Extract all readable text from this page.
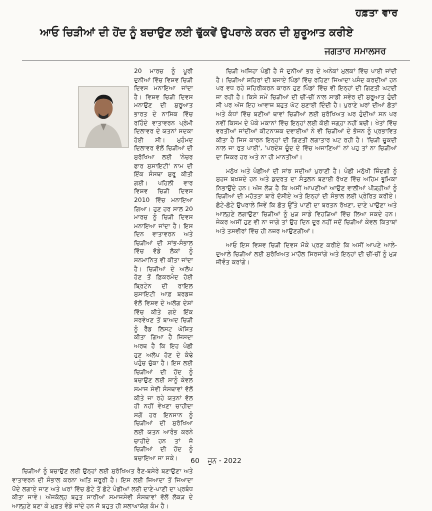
ਹਫ਼ਤਾ ਵਾਰ
ਆਓ ਚਿੜੀਆਂ ਦੀ ਹੋਂਦ ਨੂੰ ਬਚਾਉਣ ਲਈ ਢੁੱਕਵੇਂ ਉਪਰਾਲੇ ਕਰਨ ਦੀ ਸ਼ੁਰੂਆਤ ਕਰੀਏ
ਜਗਤਾਰ ਸਮਾਲਸਰ

20 ਮਾਰਚ ਨੂੰ ਪੂਰੀ ਦੁਨੀਆਂ ਵਿੱਚ ਵਿਸ਼ਵ ਚਿੜੀ ਦਿਵਸ ਮਨਾਇਆ ਜਾਂਦਾ ਹੈ। ਵਿਸ਼ਵ ਚਿੜੀ ਦਿਵਸ ਮਨਾਉਣ ਦੀ ਸ਼ੁਰੂਆਤ ਭਾਰਤ ਦੇ ਨਾਸਿਕ ਵਿੱਚ ਰਹਿੰਦੇ ਵਾਤਾਵਰਨ ਪ੍ਰੇਮੀ ਦਿਲਾਵਰ ਦੇ ਯਤਨਾਂ ਸਦਕਾ ਹੋਈ ਸੀ। ਮੁਹੰਮਦ ਦਿਲਾਵਰ ਵੱਲੋਂ ਚਿੜੀਆਂ ਦੀ ਸੁਰੱਖਿਆ ਲਈ 'ਨੇਚਰ ਫਾਰ ਸੁਸਾਇਟੀ' ਨਾਮ ਦੀ ਇੱਕ ਸੰਸਥਾ ਸ਼ੁਰੂ ਕੀਤੀ ਗਈ। ਪਹਿਲੀ ਵਾਰ ਵਿਸ਼ਵ ਚਿੜੀ ਦਿਵਸ 2010 ਵਿੱਚ ਮਨਾਇਆ ਗਿਆ। ਹੁਣ ਹਰ ਸਾਲ 20 ਮਾਰਚ ਨੂੰ ਚਿੜੀ ਦਿਵਸ ਮਨਾਇਆ ਜਾਂਦਾ ਹੈ। ਇਸ ਦਿਨ ਵਾਤਾਵਰਨ ਅਤੇ ਚਿੜੀਆਂ ਦੀ ਸਾਂਭ-ਸੰਭਾਲ ਵਿੱਚ ਵੱਡੇ ਲੋਕਾਂ ਨੂੰ ਸਨਮਾਨਿਤ ਵੀ ਕੀਤਾ ਜਾਂਦਾ ਹੈ। ਚਿੜੀਆਂ ਦੇ ਅਲੋਪ ਹੋਣ ਤੋਂ ਫ਼ਿਕਰਮੰਦ ਹੋਈ ਬ੍ਰਿਟੇਨ ਦੀ ਰਾਇਲ ਸੁਸਾਇਟੀ ਆਫ਼ ਬਰਡਜ਼ ਵੱਲੋਂ ਵਿਸ਼ਵ ਦੇ ਅਲੱਗ ਦੇਸ਼ਾਂ ਵਿੱਚ ਕੀਤੇ ਗਏ ਇੱਕ ਸਰਵੇਖਣ ਤੋਂ ਬਾਅਦ ਚਿੜੀ ਨੂੰ ਰੈੱਡ ਲਿਸਟ ਘੋਸ਼ਿਤ ਕੀਤਾ ਗਿਆ ਹੈ ਜਿਸਦਾ ਅਰਥ ਹੈ ਕਿ ਇਹ ਪੰਛੀ ਹੁਣ ਅਲੋਪ ਹੋਣ ਦੇ ਕੰਢੇ ਪਹੁੰਚ ਚੁੱਕਾ ਹੈ। ਇਸ ਲਈ ਚਿੜੀਆਂ ਦੀ ਹੋਂਦ ਨੂੰ ਬਚਾਉਣ ਲਈ ਸਾਨੂੰ ਕੇਵਲ ਸਮਾਜ ਸੇਵੀ ਸੰਸਥਾਵਾਂ ਵੱਲੋਂ ਕੀਤੇ ਜਾ ਰਹੇ ਯਤਨਾਂ ਵੱਲ ਹੀ ਨਹੀਂ ਵੇਖਣਾ ਚਾਹੀਦਾ ਸਗੋਂ ਹਰ ਇਨਸਾਨ ਨੂੰ ਚਿੜੀਆਂ ਦੀ ਸੁਰੱਖਿਆ ਲਈ ਯਤਨ ਆਰੰਭ ਕਰਨੇ ਚਾਹੀਦੇ ਹਨ ਤਾਂ ਜੋ ਚਿੜੀਆਂ ਦੀ ਹੋਂਦ ਨੂੰ ਬਚਾਇਆ ਜਾ ਸਕੇ।

ਚਿੜੀਆਂ ਨੂੰ ਬਚਾਉਣ ਲਈ ਉਨ੍ਹਾਂ ਲਈ ਸੁਰੱਖਿਅਤ ਰੈਣ-ਬਸੇਰੇ ਬਣਾਉਣਾ ਅਤੇ ਵਾਤਾਵਰਨ ਦੀ ਸੰਭਾਲ ਕਰਨਾ ਅਤਿ ਜ਼ਰੂਰੀ ਹੈ। ਇਸ ਲਈ ਜਿਆਦਾ ਤੋਂ ਜਿਆਦਾ ਪੌਦੇ ਲਗਾਏ ਜਾਣ ਅਤੇ ਘਰਾਂ ਵਿੱਚ ਛੋਟੇ ਤੋਂ ਛੋਟੇ ਪੰਛੀਆਂ ਲਈ ਦਾਣੇ-ਪਾਣੀ ਦਾ ਪ੍ਰਬੰਧ ਕੀਤਾ ਜਾਵੇ। ਅੱਜਕੱਲ੍ਹ ਬਹੁਤ ਸਾਰੀਆਂ ਸਮਾਜਸੇਵੀ ਸੰਸਥਾਵਾਂ ਵੱਲੋਂ ਲੱਕੜ ਦੇ ਆਲ੍ਹਣੇ ਬਣਾ ਕੇ ਮੁਫ਼ਤ ਵੰਡੇ ਜਾਂਦੇ ਹਨ ਜੋ ਬਹੁਤ ਹੀ ਸ਼ਲਾਘਾਯੋਗ ਕੰਮ ਹੈ।

ਚਿੜੀ ਅਜਿਹਾ ਪੰਛੀ ਹੈ ਜੋ ਦੁਨੀਆਂ ਭਰ ਦੇ ਅਨੇਕਾਂ ਮੁਲਕਾਂ ਵਿੱਚ ਪਾਈ ਜਾਂਦੀ ਹੈ। ਚਿੜੀਆਂ ਸ਼ਹਿਰਾਂ ਦੀ ਬਜਾਏ ਪਿੰਡਾਂ ਵਿੱਚ ਰਹਿਣਾ ਜਿਆਦਾ ਪਸੰਦ ਕਰਦੀਆਂ ਹਨ ਪਰ ਵਧ ਰਹੇ ਸ਼ਹਿਰੀਕਰਨ ਕਾਰਨ ਹੁਣ ਪਿੰਡਾਂ ਵਿੱਚ ਵੀ ਇਨ੍ਹਾਂ ਦੀ ਗਿਣਤੀ ਘਟਦੀ ਜਾ ਰਹੀ ਹੈ। ਕਿਸੇ ਸਮੇਂ ਚਿੜੀਆਂ ਦੀ ਚੀਂ-ਚੀਂ ਨਾਲ ਸਾਡੀ ਸਵੇਰ ਦੀ ਸ਼ੁਰੂਆਤ ਹੁੰਦੀ ਸੀ ਪਰ ਅੱਜ ਇਹ ਆਵਾਜ਼ ਬਹੁਤ ਘੱਟ ਸੁਣਾਈ ਦਿੰਦੀ ਹੈ। ਪੁਰਾਣੇ ਘਰਾਂ ਦੀਆਂ ਛੱਤਾਂ ਅਤੇ ਕੰਧਾਂ ਵਿੱਚ ਬਣੀਆਂ ਥਾਵਾਂ ਚਿੜੀਆਂ ਲਈ ਸੁਰੱਖਿਅਤ ਘਰ ਹੁੰਦੀਆਂ ਸਨ ਪਰ ਨਵੀਂ ਕਿਸਮ ਦੇ ਪੱਕੇ ਮਕਾਨਾਂ ਵਿੱਚ ਇਨ੍ਹਾਂ ਲਈ ਕੋਈ ਜਗ੍ਹਾ ਨਹੀਂ ਬਚੀ। ਖੇਤਾਂ ਵਿੱਚ ਵਰਤੀਆਂ ਜਾਂਦੀਆਂ ਕੀਟਨਾਸ਼ਕ ਦਵਾਈਆਂ ਨੇ ਵੀ ਚਿੜੀਆਂ ਦੇ ਭੋਜਨ ਨੂੰ ਪ੍ਰਭਾਵਿਤ ਕੀਤਾ ਹੈ ਜਿਸ ਕਾਰਨ ਇਨ੍ਹਾਂ ਦੀ ਗਿਣਤੀ ਲਗਾਤਾਰ ਘਟ ਰਹੀ ਹੈ। 'ਚਿੜੀ ਚੂਕਦੀ ਨਾਲ ਜਾ ਰੁਤ ਪਾਈ', 'ਪਰਦੇਸ਼ ਚੂੰਦ ਦੇ ਵਿੱਚ ਅਜਾਣਿਆਂ' ਨਾਂ ਪਹੁ ਤਾਂ ਨਾ ਚਿੜੀਆਂ ਦਾ ਜ਼ਿਕਰ ਹਰ ਅਤੇ ਨਾ ਹੀ ਮਾਨਤੀਆਂ।

ਮਨੁੱਖ ਅਤੇ ਪੰਛੀਆਂ ਦੀ ਸਾਂਝ ਸਦੀਆਂ ਪੁਰਾਣੀ ਹੈ। ਪੰਛੀ ਮਨੁੱਖੀ ਜ਼ਿੰਦਗੀ ਨੂੰ ਸੁਹਜ ਬਖ਼ਸ਼ਦੇ ਹਨ ਅਤੇ ਕੁਦਰਤ ਦਾ ਸੰਤੁਲਨ ਬਣਾਈ ਰੱਖਣ ਵਿੱਚ ਅਹਿਮ ਭੂਮਿਕਾ ਨਿਭਾਉਂਦੇ ਹਨ। ਅੱਜ ਲੋੜ ਹੈ ਕਿ ਅਸੀਂ ਆਪਣੀਆਂ ਆਉਣ ਵਾਲੀਆਂ ਪੀੜ੍ਹੀਆਂ ਨੂੰ ਚਿੜੀਆਂ ਦੀ ਮਹੱਤਤਾ ਬਾਰੇ ਦੱਸੀਏ ਅਤੇ ਇਨ੍ਹਾਂ ਦੀ ਸੰਭਾਲ ਲਈ ਪ੍ਰੇਰਿਤ ਕਰੀਏ। ਛੋਟੇ-ਛੋਟੇ ਉਪਰਾਲੇ ਜਿਵੇਂ ਕਿ ਛੱਤ ਉੱਤੇ ਪਾਣੀ ਦਾ ਬਰਤਨ ਰੱਖਣਾ, ਦਾਣੇ ਪਾਉਣਾ ਅਤੇ ਆਲ੍ਹਣੇ ਲਗਾਉਣਾ ਚਿੜੀਆਂ ਨੂੰ ਮੁੜ ਸਾਡੇ ਵਿਹੜਿਆਂ ਵਿੱਚ ਲਿਆ ਸਕਦੇ ਹਨ। ਜੇਕਰ ਅਸੀਂ ਹੁਣ ਵੀ ਨਾ ਜਾਗੇ ਤਾਂ ਉਹ ਦਿਨ ਦੂਰ ਨਹੀਂ ਜਦੋਂ ਚਿੜੀਆਂ ਕੇਵਲ ਕਿਤਾਬਾਂ ਅਤੇ ਤਸਵੀਰਾਂ ਵਿੱਚ ਹੀ ਨਜ਼ਰ ਆਉਣਗੀਆਂ।

ਆਓ ਇਸ ਵਿਸ਼ਵ ਚਿੜੀ ਦਿਵਸ ਮੌਕੇ ਪ੍ਰਣ ਕਰੀਏ ਕਿ ਅਸੀਂ ਆਪਣੇ ਆਲੇ-ਦੁਆਲੇ ਚਿੜੀਆਂ ਲਈ ਸੁਰੱਖਿਅਤ ਮਾਹੌਲ ਸਿਰਜਾਂਗੇ ਅਤੇ ਇਨ੍ਹਾਂ ਦੀ ਚੀਂ-ਚੀਂ ਨੂੰ ਮੁੜ ਜੀਵੰਤ ਕਰਾਂਗੇ।

60 ਜੂਨ - 2022
